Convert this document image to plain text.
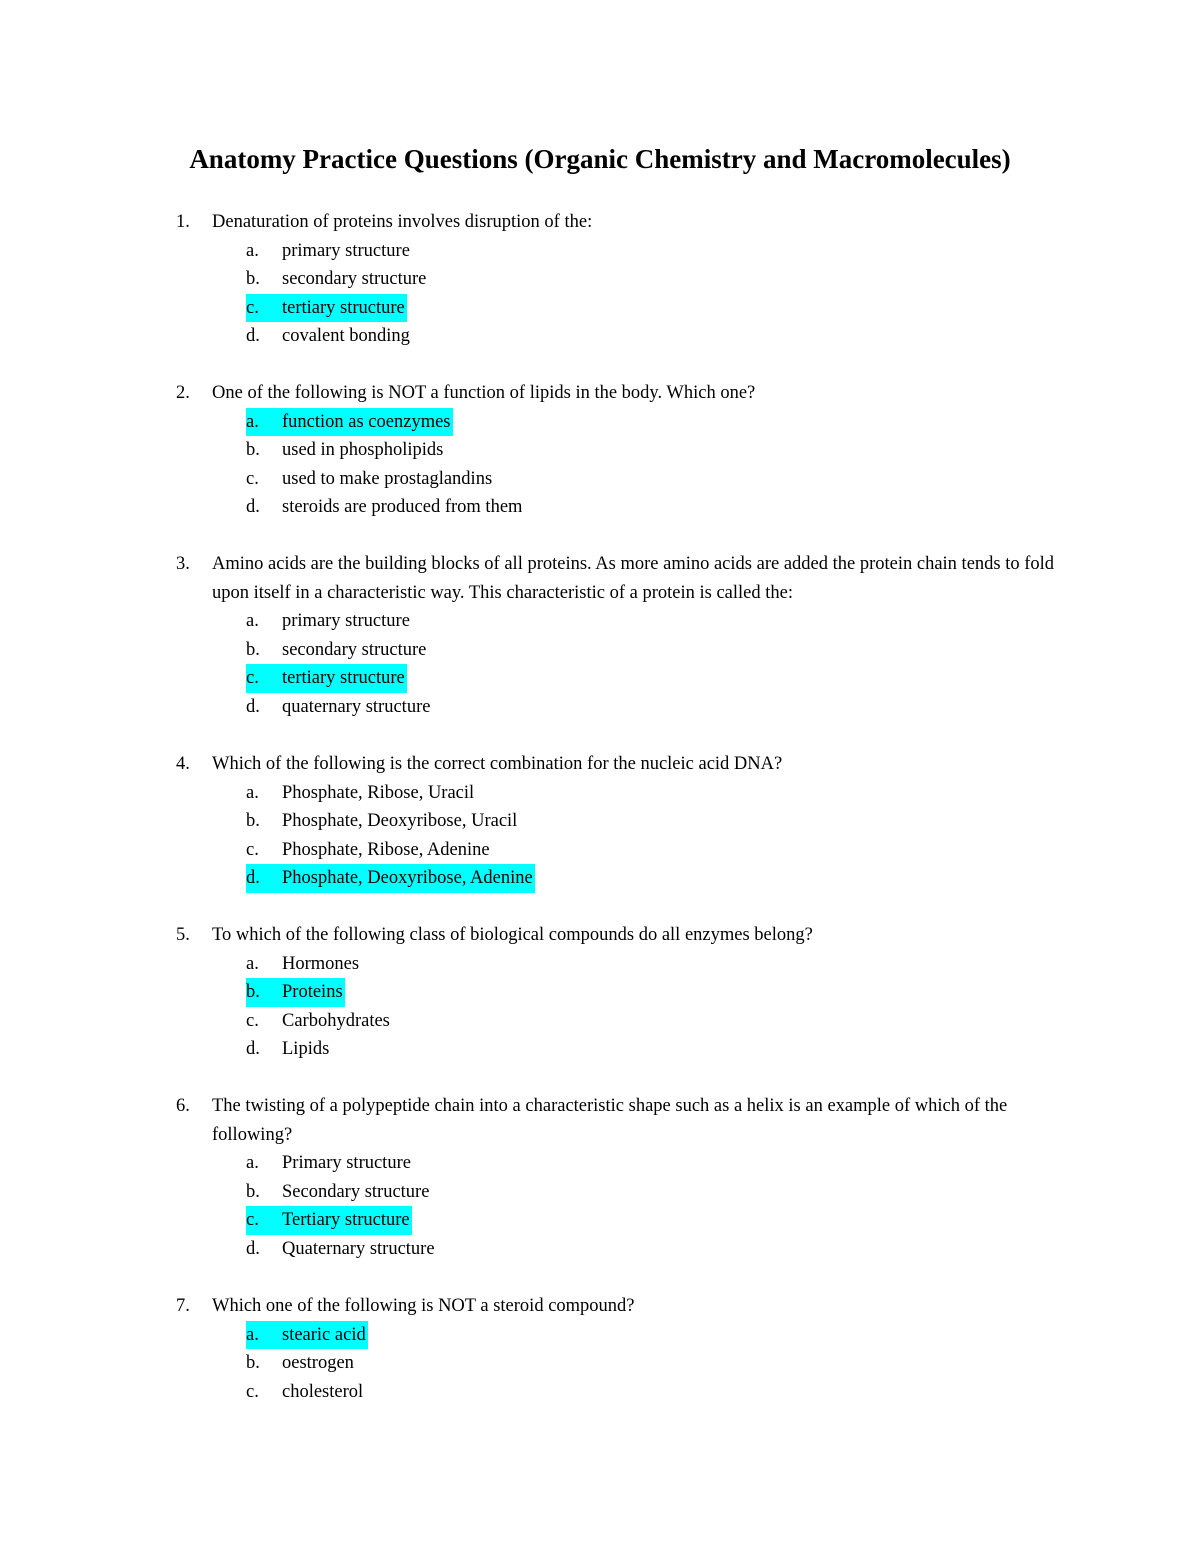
Anatomy Practice Questions (Organic Chemistry and Macromolecules)
1. Denaturation of proteins involves disruption of the:
a. primary structure
b. secondary structure
c. tertiary structure
d. covalent bonding
2. One of the following is NOT a function of lipids in the body. Which one?
a. function as coenzymes
b. used in phospholipids
c. used to make prostaglandins
d. steroids are produced from them
3. Amino acids are the building blocks of all proteins. As more amino acids are added the protein chain tends to fold upon itself in a characteristic way. This characteristic of a protein is called the:
a. primary structure
b. secondary structure
c. tertiary structure
d. quaternary structure
4. Which of the following is the correct combination for the nucleic acid DNA?
a. Phosphate, Ribose, Uracil
b. Phosphate, Deoxyribose, Uracil
c. Phosphate, Ribose, Adenine
d. Phosphate, Deoxyribose, Adenine
5. To which of the following class of biological compounds do all enzymes belong?
a. Hormones
b. Proteins
c. Carbohydrates
d. Lipids
6. The twisting of a polypeptide chain into a characteristic shape such as a helix is an example of which of the following?
a. Primary structure
b. Secondary structure
c. Tertiary structure
d. Quaternary structure
7. Which one of the following is NOT a steroid compound?
a. stearic acid
b. oestrogen
c. cholesterol
